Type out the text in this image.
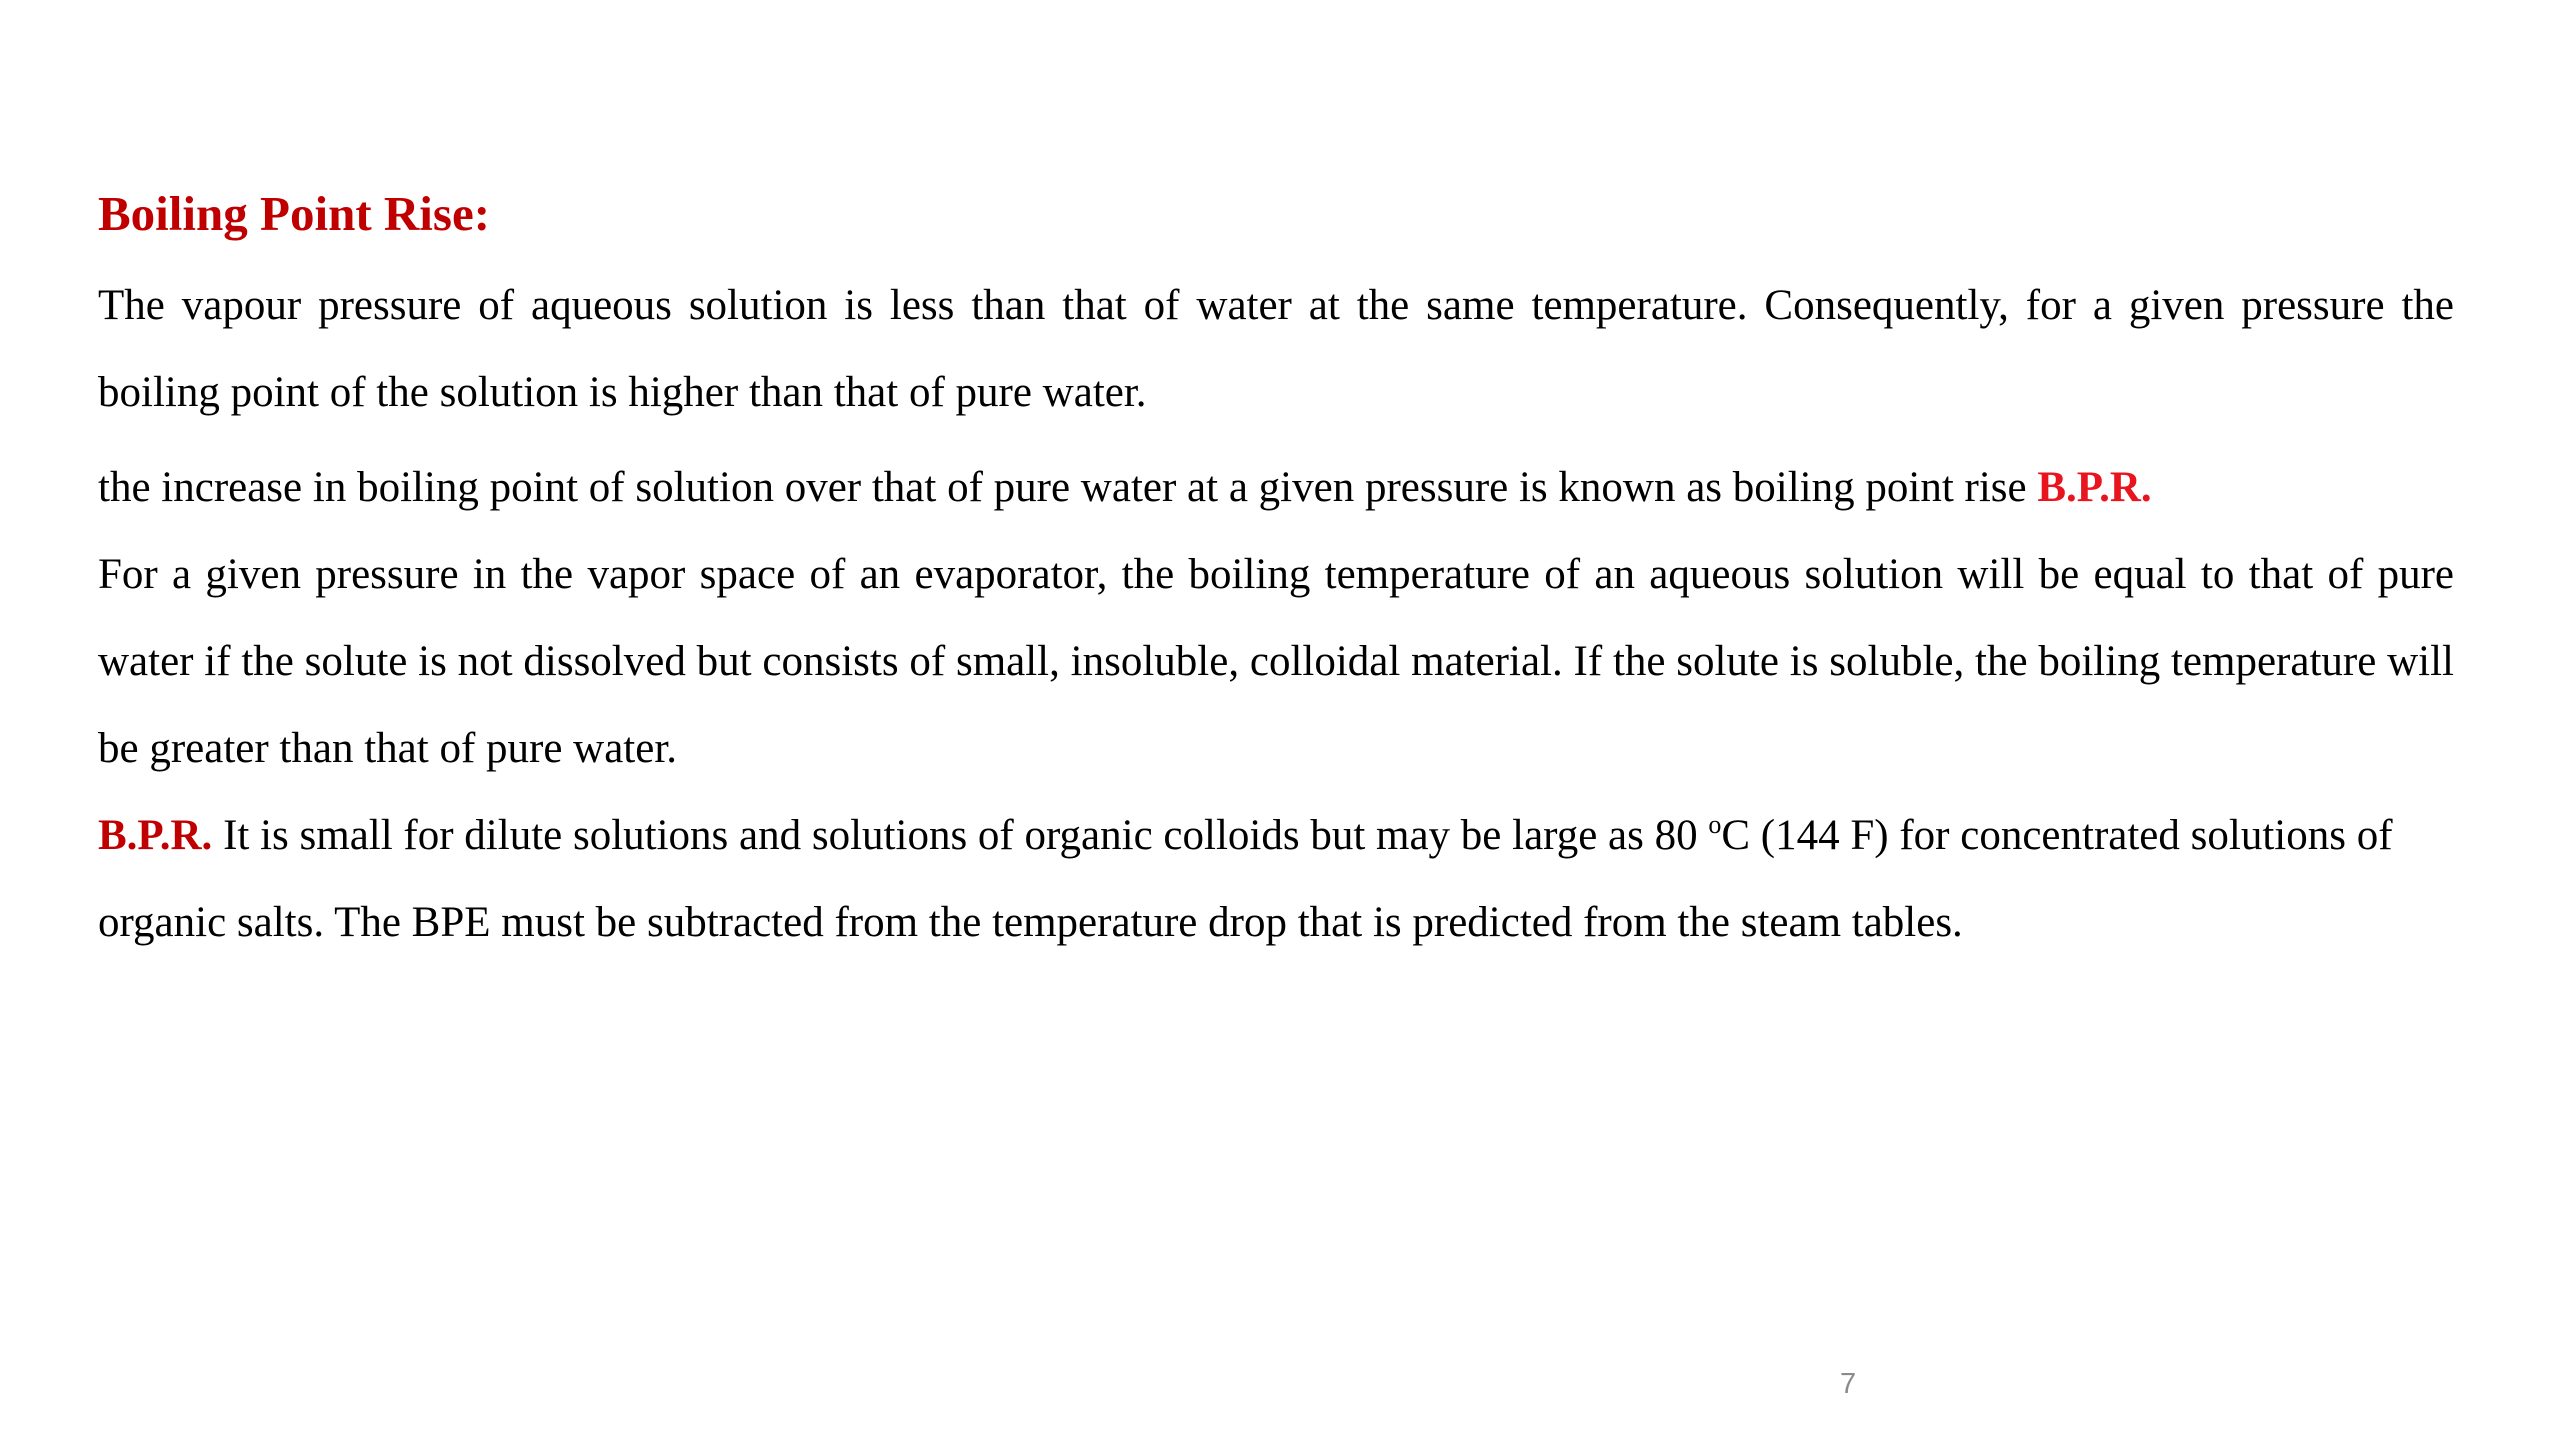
Boiling Point Rise:

The vapour pressure of aqueous solution is less than that of water at the same temperature. Consequently, for a given pressure the boiling point of the solution is higher than that of pure water.

the increase in boiling point of solution over that of pure water at a given pressure is known as boiling point rise B.P.R.

For a given pressure in the vapor space of an evaporator, the boiling temperature of an aqueous solution will be equal to that of pure water if the solute is not dissolved but consists of small, insoluble, colloidal material. If the solute is soluble, the boiling temperature will be greater than that of pure water.

B.P.R. It is small for dilute solutions and solutions of organic colloids but may be large as 80 $^o$C (144 F) for concentrated solutions of organic salts. The BPE must be subtracted from the temperature drop that is predicted from the steam tables.

7
